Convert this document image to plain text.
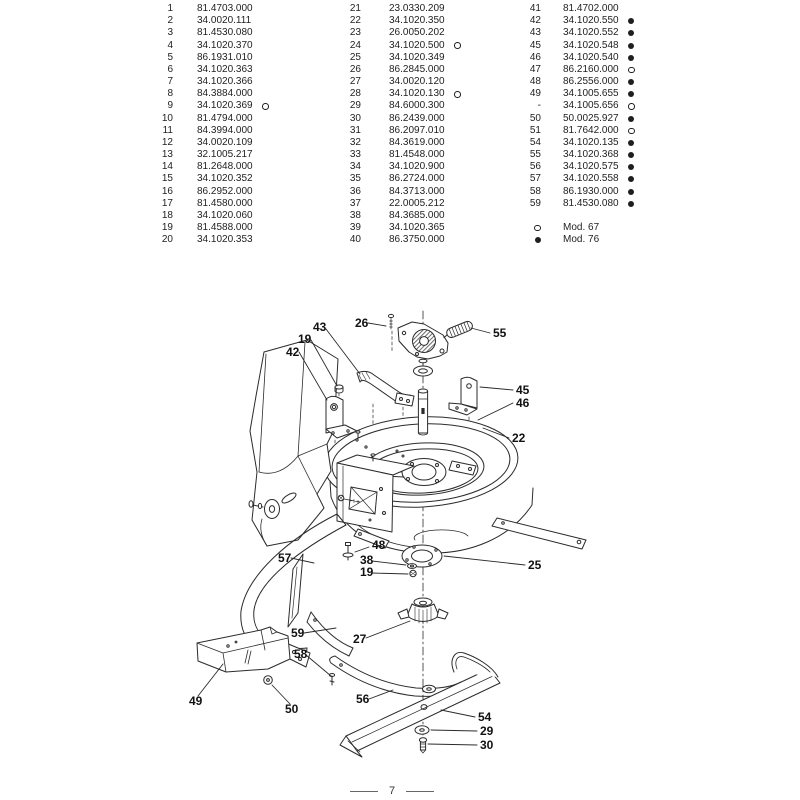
1 81.4703.000
2 34.0020.111
3 81.4530.080
4 34.1020.370
5 86.1931.010
6 34.1020.363
7 34.1020.366
8 84.3884.000
9 34.1020.369
10 81.4794.000
11 84.3994.000
12 34.0020.109
13 32.1005.217
14 81.2648.000
15 34.1020.352
16 86.2952.000
17 81.4580.000
18 34.1020.060
19 81.4588.000
20 34.1020.353
21	23.0330.209
22	34.1020.350
23	26.0050.202
24	34.1020.500
25	34.1020.349
26	86.2845.000
27	34.0020.120
28	34.1020.130
29	84.6000.300
30	86.2439.000
31	86.2097.010
32	84.3619.000
33	81.4548.000
34	34.1020.900
35	86.2724.000
36	84.3713.000
37	22.0005.212
38	84.3685.000
39	34.1020.365
40	86.3750.000
41 81.4702.000
42 34.1020.550
43 34.1020.552
45 34.1020.548
46 34.1020.540
47 86.2160.000
48 86.2556.000
49 34.1005.655
- 34.1005.656
50 50.0025.927
51 81.7642.000
54 34.1020.135
55 34.1020.368
56 34.1020.575
57 34.1020.558
58 86.1930.000
59 81.4530.080
Mod. 67
Mod. 76
26
43
19
42
55
45
46
22
25
48
38
19
57
59	27
58
56
49
50
54
29
30
7
